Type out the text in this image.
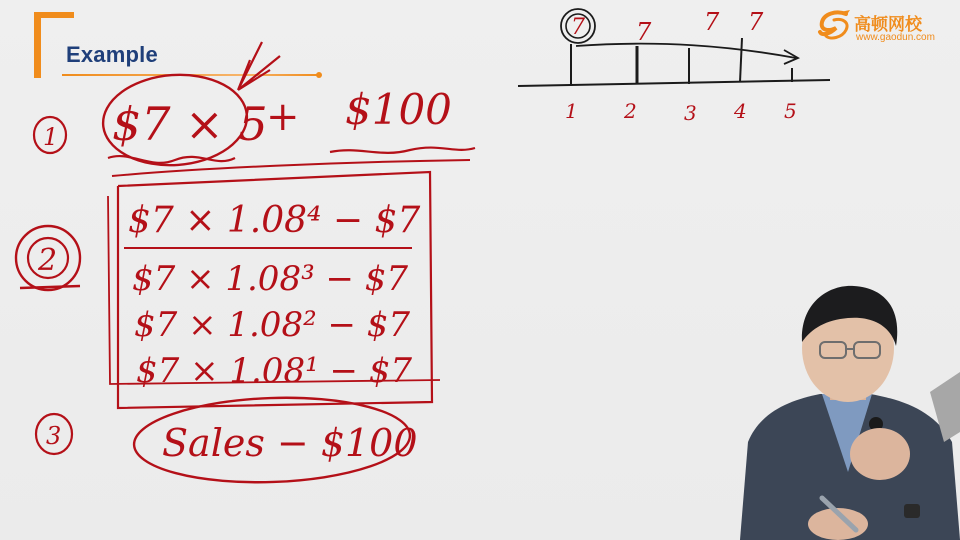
Example
高顿网校
www.gaodun.com
1 $7 × 5
+ $100
2
$7 × 1.08⁴ − $7
$7 × 1.08³ − $7
$7 × 1.08² − $7
$7 × 1.08¹ − $7
3	Sales − $100
7 7 7 7
1 2 3 4 5
